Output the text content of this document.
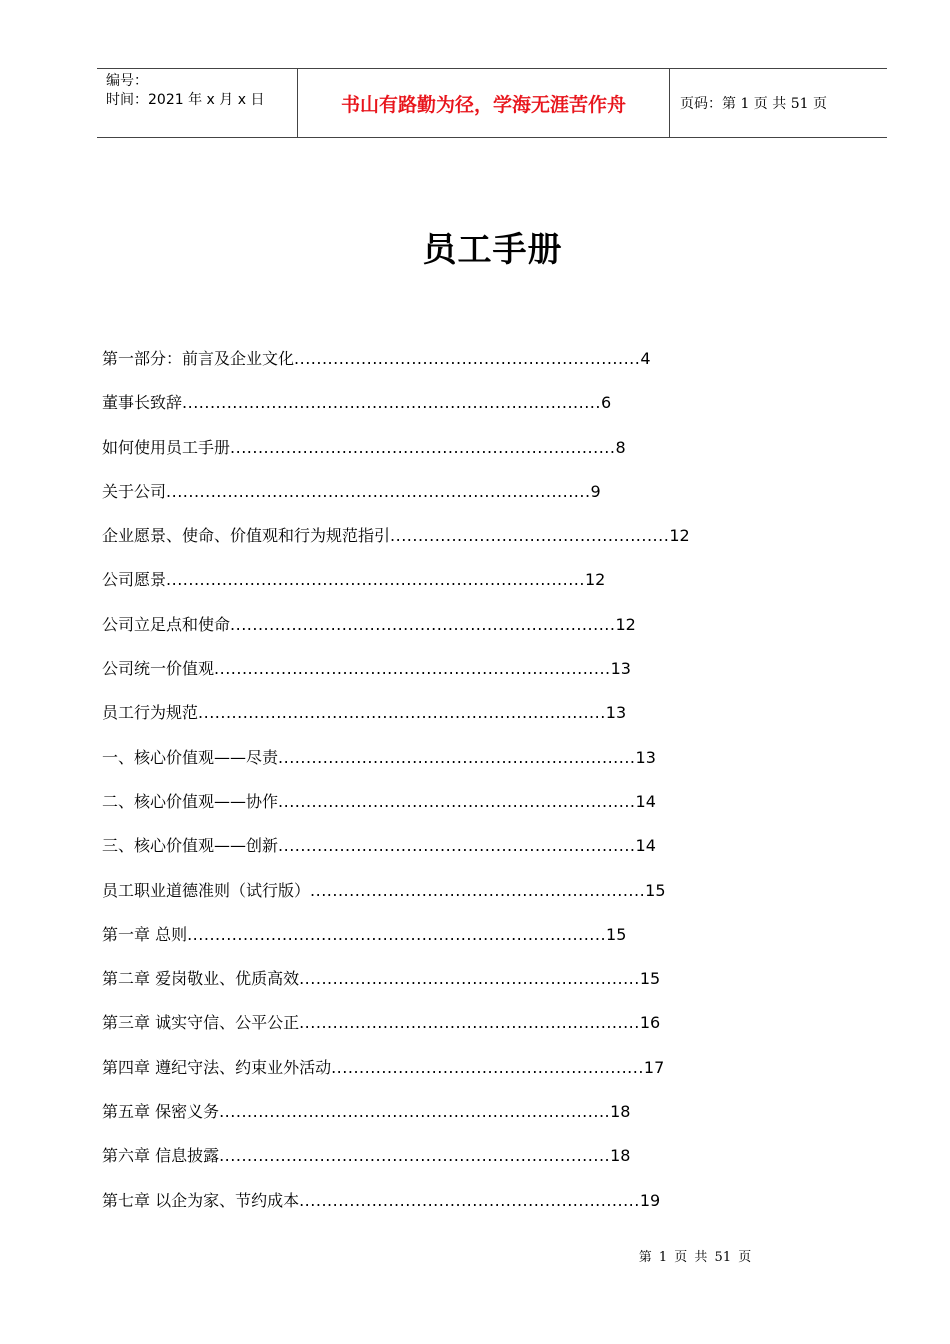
编号：
时间：2021 年 x 月 x 日	书山有路勤为径，学海无涯苦作舟	页码：第 1 页 共 51 页
员工手册
第一部分：前言及企业文化..............................................................4
董事长致辞...........................................................................6
如何使用员工手册.....................................................................8
关于公司............................................................................9
企业愿景、使命、价值观和行为规范指引..................................................12
公司愿景...........................................................................12
公司立足点和使命.....................................................................12
公司统一价值观.......................................................................13
员工行为规范.........................................................................13
一、核心价值观——尽责................................................................13
二、核心价值观——协作................................................................14
三、核心价值观——创新................................................................14
员工职业道德准则（试行版）............................................................15
第一章 总则...........................................................................15
第二章 爱岗敬业、优质高效.............................................................15
第三章 诚实守信、公平公正.............................................................16
第四章 遵纪守法、约束业外活动........................................................17
第五章 保密义务......................................................................18
第六章 信息披露......................................................................18
第七章 以企为家、节约成本.............................................................19
第 1 页 共 51 页
